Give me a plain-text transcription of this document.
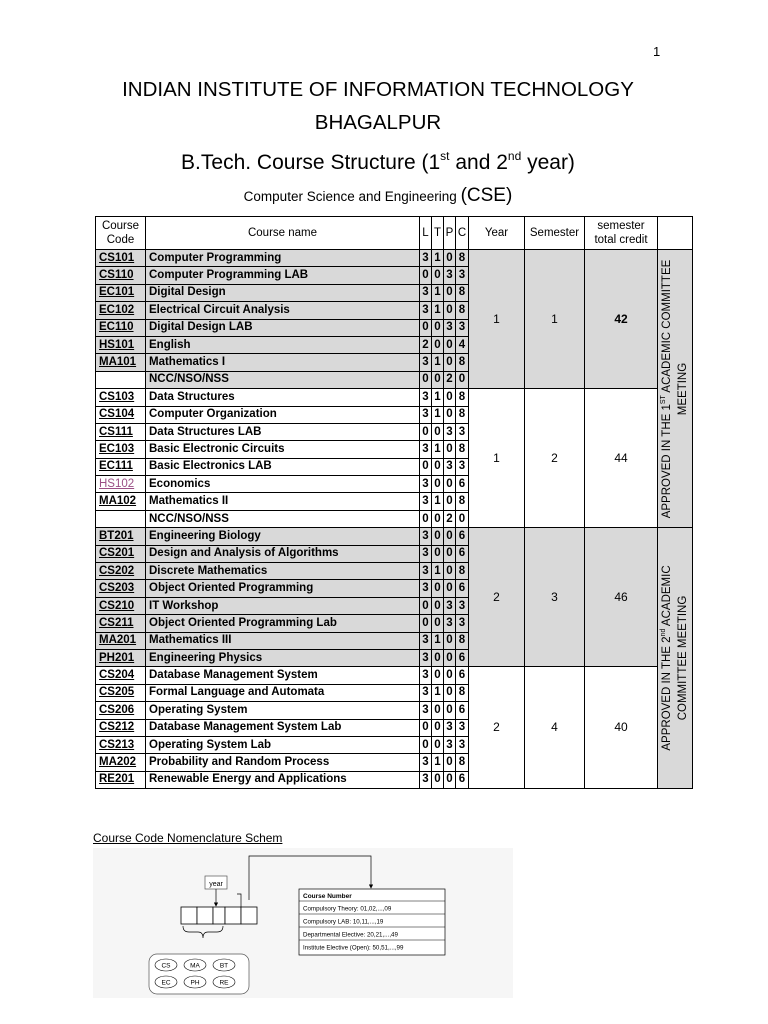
1
INDIAN INSTITUTE OF INFORMATION TECHNOLOGY
BHAGALPUR
B.Tech. Course Structure (1st and 2nd year)
Computer Science and Engineering (CSE)
Course Code	Course name	L	T	P	C	Year	Semester	semester total credit	
CS101	Computer Programming	3	1	0	8	1	1	42	APPROVED IN THE 1ST ACADEMIC COMMITTEE MEETING

CS110	Computer Programming LAB	0	0	3	3				
EC101	Digital Design	3	1	0	8				
EC102	Electrical Circuit Analysis	3	1	0	8				
EC110	Digital Design LAB	0	0	3	3				
HS101	English	2	0	0	4				
MA101	Mathematics I	3	1	0	8				
	NCC/NSO/NSS	0	0	2	0				
CS103	Data Structures	3	1	0	8	1	2	44	
CS104	Computer Organization	3	1	0	8				
CS111	Data Structures LAB	0	0	3	3				
EC103	Basic Electronic Circuits	3	1	0	8				
EC111	Basic Electronics LAB	0	0	3	3				
HS102	Economics	3	0	0	6				
MA102	Mathematics II	3	1	0	8				
	NCC/NSO/NSS	0	0	2	0				
BT201	Engineering Biology	3	0	0	6	2	3	46	APPROVED IN THE 2nd ACADEMIC COMMITTEE MEETING

CS201	Design and Analysis of Algorithms	3	0	0	6				
CS202	Discrete Mathematics	3	1	0	8				
CS203	Object Oriented Programming	3	0	0	6				
CS210	IT Workshop	0	0	3	3				
CS211	Object Oriented Programming Lab	0	0	3	3				
MA201	Mathematics III	3	1	0	8				
PH201	Engineering Physics	3	0	0	6				
CS204	Database Management System	3	0	0	6	2	4	40	
CS205	Formal Language and Automata	3	1	0	8				
CS206	Operating System	3	0	0	6				
CS212	Database Management System Lab	0	0	3	3				
CS213	Operating System Lab	0	0	3	3				
MA202	Probability and Random Process	3	1	0	8				
RE201	Renewable Energy and Applications	3	0	0	6				
Course Code Nomenclature Schem
year
Course Number
Compulsory Theory: 01,02,...,09
Compulsory LAB: 10,11,...,19
Departmental Elective: 20,21,...,49
Institute Elective (Open): 50,51,...,99
CS	MA	BT
EC	PH	RE
